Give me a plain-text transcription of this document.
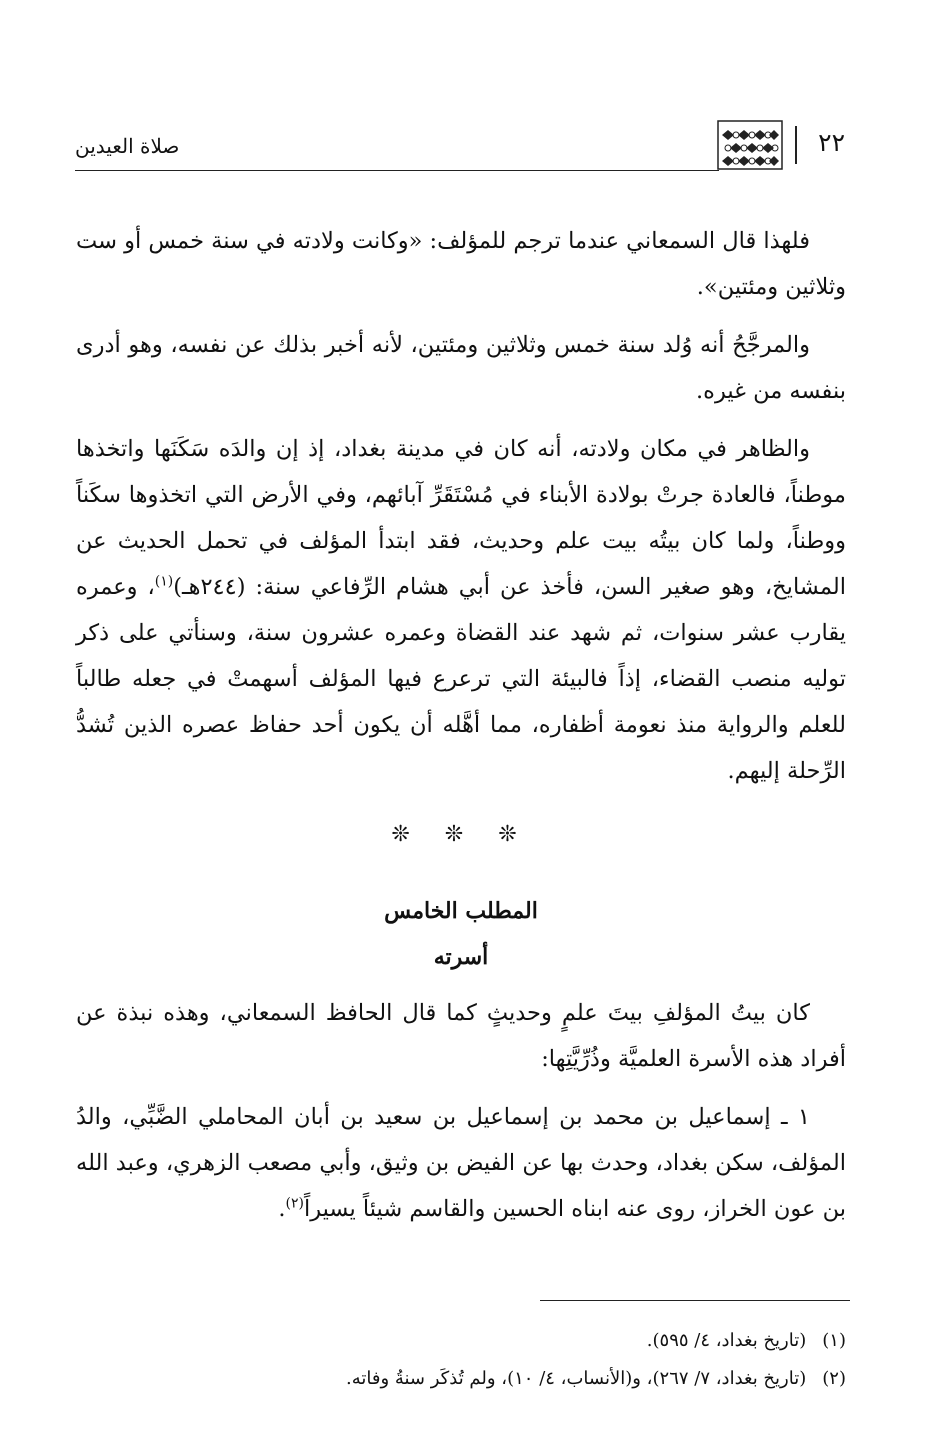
٢٢
صلاة العيدين

فلهذا قال السمعاني عندما ترجم للمؤلف: «وكانت ولادته في سنة خمس أو ست وثلاثين ومئتين».

والمرجَّحُ أنه وُلد سنة خمس وثلاثين ومئتين، لأنه أخبر بذلك عن نفسه، وهو أدرى بنفسه من غيره.

والظاهر في مكان ولادته، أنه كان في مدينة بغداد، إذ إن والدَه سَكَنَها واتخذها موطناً، فالعادة جرتْ بولادة الأبناء في مُسْتَقَرِّ آبائهم، وفي الأرض التي اتخذوها سكَناً ووطناً، ولما كان بيتُه بيت علم وحديث، فقد ابتدأ المؤلف في تحمل الحديث عن المشايخ، وهو صغير السن، فأخذ عن أبي هشام الرِّفاعي سنة: (٢٤٤هـ)$^{(١)}$، وعمره يقارب عشر سنوات، ثم شهد عند القضاة وعمره عشرون سنة، وسنأتي على ذكر توليه منصب القضاء، إذاً فالبيئة التي ترعرع فيها المؤلف أسهمتْ في جعله طالباً للعلم والرواية منذ نعومة أظفاره، مما أهَّله أن يكون أحد حفاظ عصره الذين تُشدُّ الرِّحلة إليهم.

❊ ❊ ❊
المطلب الخامس
أسرته

كان بيتُ المؤلفِ بيتَ علمٍ وحديثٍ كما قال الحافظ السمعاني، وهذه نبذة عن أفراد هذه الأسرة العلميَّة وذُرِّيَّتِها:

١ ـ إسماعيل بن محمد بن إسماعيل بن سعيد بن أبان المحاملي الضَّبِّي، والدُ المؤلف، سكن بغداد، وحدث بها عن الفيض بن وثيق، وأبي مصعب الزهري، وعبد الله بن عون الخراز، روى عنه ابناه الحسين والقاسم شيئاً يسيراً$^{(٢)}$.

(١)(تاريخ بغداد، ٤/ ٥٩٥).
(٢)(تاريخ بغداد، ٧/ ٢٦٧)، و(الأنساب، ٤/ ١٠)، ولم تُذكَر سنةُ وفاته.
